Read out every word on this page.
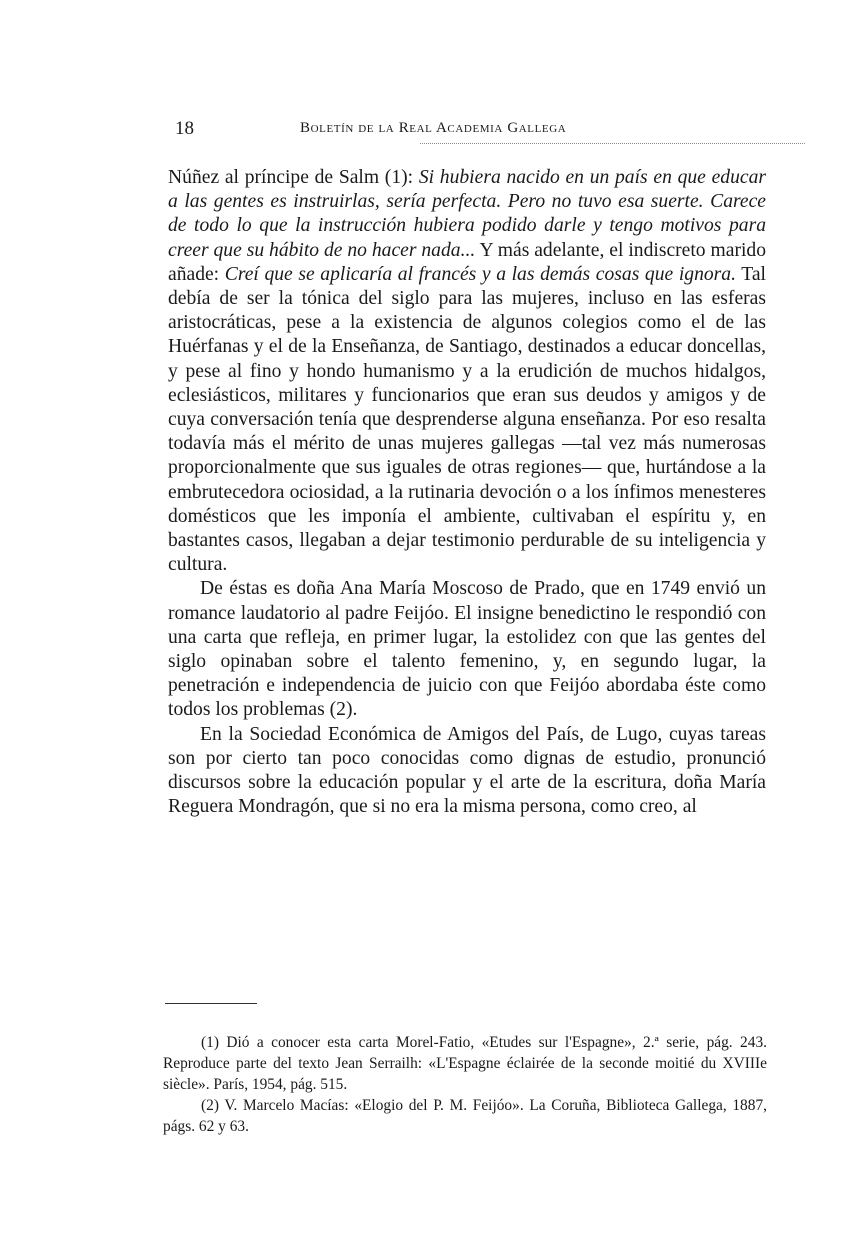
18	Boletín de la Real Academia Gallega

Núñez al príncipe de Salm (1): Si hubiera nacido en un país en que educar a las gentes es instruirlas, sería perfecta. Pero no tuvo esa suerte. Carece de todo lo que la instrucción hubiera podido darle y tengo motivos para creer que su hábito de no hacer nada... Y más adelante, el indiscreto marido añade: Creí que se aplicaría al francés y a las demás cosas que ignora. Tal debía de ser la tónica del siglo para las mujeres, incluso en las esferas aristocráticas, pese a la existencia de algunos colegios como el de las Huérfanas y el de la Enseñanza, de Santiago, destinados a educar doncellas, y pese al fino y hondo humanismo y a la erudición de muchos hidalgos, eclesiásticos, militares y funcionarios que eran sus deudos y amigos y de cuya conversación tenía que desprenderse alguna enseñanza. Por eso resalta todavía más el mérito de unas mujeres gallegas —tal vez más numerosas proporcionalmente que sus iguales de otras regiones— que, hurtándose a la embrutecedora ociosidad, a la rutinaria devoción o a los ínfimos menesteres domésticos que les imponía el ambiente, cultivaban el espíritu y, en bastantes casos, llegaban a dejar testimonio perdurable de su inteligencia y cultura.

De éstas es doña Ana María Moscoso de Prado, que en 1749 envió un romance laudatorio al padre Feijóo. El insigne benedictino le respondió con una carta que refleja, en primer lugar, la estolidez con que las gentes del siglo opinaban sobre el talento femenino, y, en segundo lugar, la penetración e independencia de juicio con que Feijóo abordaba éste como todos los problemas (2).

En la Sociedad Económica de Amigos del País, de Lugo, cuyas tareas son por cierto tan poco conocidas como dignas de estudio, pronunció discursos sobre la educación popular y el arte de la escritura, doña María Reguera Mondragón, que si no era la misma persona, como creo, al

(1) Dió a conocer esta carta Morel-Fatio, «Etudes sur l'Espagne», 2.ª serie, pág. 243. Reproduce parte del texto Jean Serrailh: «L'Espagne éclairée de la seconde moitié du XVIIIe siècle». París, 1954, pág. 515.

(2) V. Marcelo Macías: «Elogio del P. M. Feijóo». La Coruña, Biblioteca Gallega, 1887, págs. 62 y 63.
